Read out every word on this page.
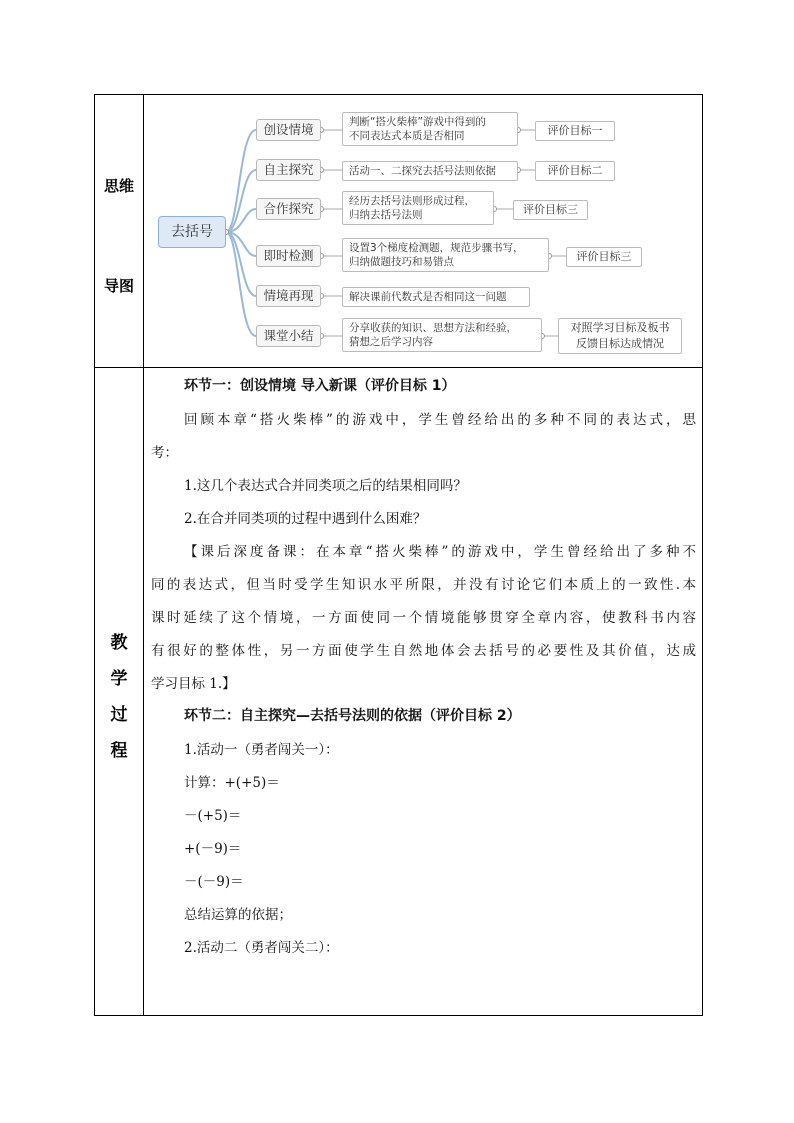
思维
导图
教
学
过
程
去括号
创设情境	判断“搭火柴棒”游戏中得到的
不同表达式本质是否相同	评价目标一
自主探究	活动一、二探究去括号法则依据	评价目标二
合作探究	经历去括号法则形成过程，
归纳去括号法则	评价目标三
即时检测	设置3个梯度检测题，规范步骤书写，
归纳做题技巧和易错点	评价目标三
情境再现	解决课前代数式是否相同这一问题
课堂小结	分享收获的知识、思想方法和经验，
猜想之后学习内容
对照学习目标及板书
反馈目标达成情况
环节一：创设情境 导入新课（评价目标 1）
回顾本章“搭火柴棒”的游戏中，学生曾经给出的多种不同的表达式，思
考：
1.这几个表达式合并同类项之后的结果相同吗？
2.在合并同类项的过程中遇到什么困难？
【课后深度备课：在本章“搭火柴棒”的游戏中，学生曾经给出了多种不
同的表达式，但当时受学生知识水平所限，并没有讨论它们本质上的一致性.本
课时延续了这个情境，一方面使同一个情境能够贯穿全章内容，使教科书内容
有很好的整体性，另一方面使学生自然地体会去括号的必要性及其价值，达成
学习目标 1.】
环节二：自主探究—去括号法则的依据（评价目标 2）
1.活动一（勇者闯关一）：
计算：+(+5)＝
－(+5)＝
+(－9)＝
－(－9)＝
总结运算的依据；
2.活动二（勇者闯关二）：
